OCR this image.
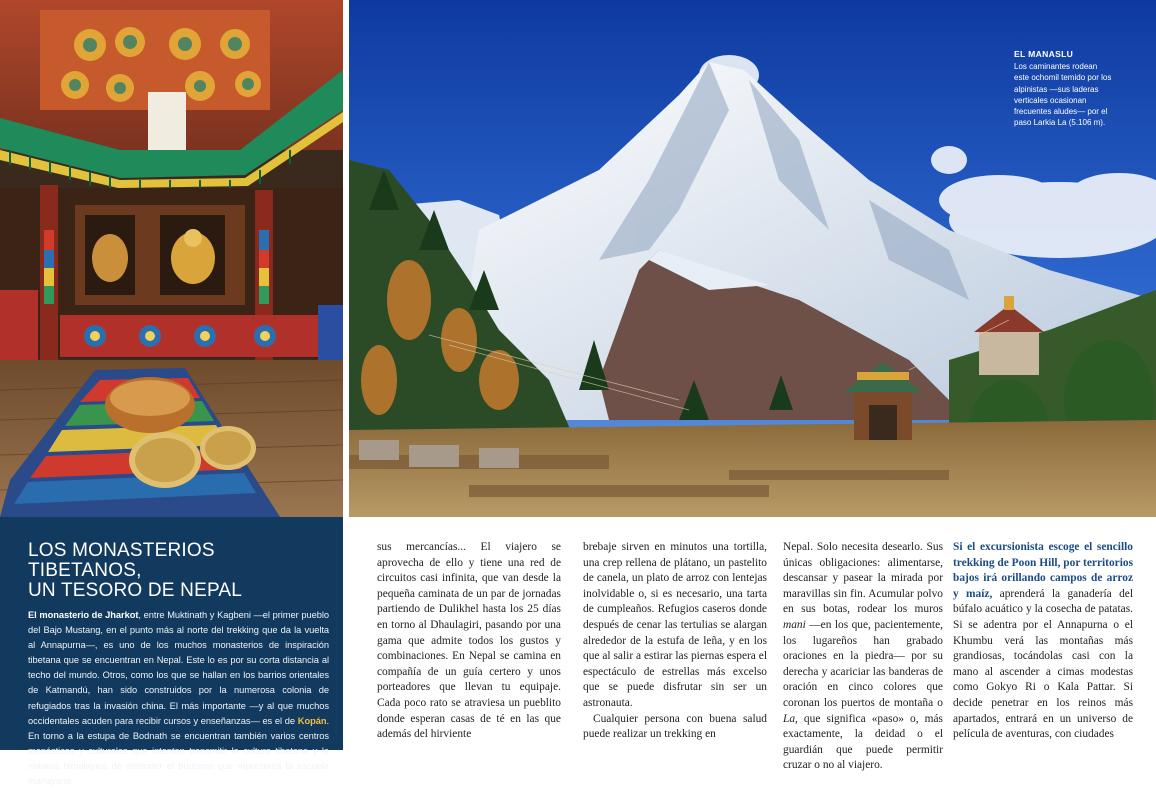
LOS MONASTERIOS TIBETANOS,
UN TESORO DE NEPAL

El monasterio de Jharkot, entre Muktinath y Kagbeni —el primer pueblo del Bajo Mustang, en el punto más al norte del trekking que da la vuelta al Annapurna—, es uno de los muchos monasterios de inspiración tibetana que se encuentran en Nepal. Este lo es por su corta distancia al techo del mundo. Otros, como los que se hallan en los barrios orientales de Katmandú, han sido construidos por la numerosa colonia de refugiados tras la invasión china. El más importante —y al que muchos occidentales acuden para recibir cursos y enseñanzas— es el de Kopán. En torno a la estupa de Bodnath se encuentran también varios centros monásticos y culturales que intentan transmitir la cultura tibetana y la manera himalayica de entender el budismo que representa la escuela mahayana.

EL MANASLU
Los caminantes rodean este ochomil temido por los alpinistas —sus laderas verticales ocasionan frecuentes aludes— por el paso Larkia La (5.106 m).

sus mercancías... El viajero se aprovecha de ello y tiene una red de circuitos casi infinita, que van desde la pequeña caminata de un par de jornadas partiendo de Dulikhel hasta los 25 días en torno al Dhaulagiri, pasando por una gama que admite todos los gustos y combinaciones. En Nepal se camina en compañía de un guía certero y unos porteadores que llevan tu equipaje. Cada poco rato se atraviesa un pueblito donde esperan casas de té en las que además del hirviente

brebaje sirven en minutos una tortilla, una crep rellena de plátano, un pastelito de canela, un plato de arroz con lentejas inolvidable o, si es necesario, una tarta de cumpleaños. Refugios caseros donde después de cenar las tertulias se alargan alrededor de la estufa de leña, y en los que al salir a estirar las piernas espera el espectáculo de estrellas más excelso que se puede disfrutar sin ser un astronauta.

Cualquier persona con buena salud puede realizar un trekking en

Nepal. Solo necesita desearlo. Sus únicas obligaciones: alimentarse, descansar y pasear la mirada por maravillas sin fin. Acumular polvo en sus botas, rodear los muros mani —en los que, pacientemente, los lugareños han grabado oraciones en la piedra— por su derecha y acariciar las banderas de oración en cinco colores que coronan los puertos de montaña o La, que significa «paso» o, más exactamente, la deidad o el guardián que puede permitir cruzar o no al viajero.

Si el excursionista escoge el sencillo trekking de Poon Hill, por territorios bajos irá orillando campos de arroz y maíz, aprenderá la ganadería del búfalo acuático y la cosecha de patatas. Si se adentra por el Annapurna o el Khumbu verá las montañas más grandiosas, tocándolas casi con la mano al ascender a cimas modestas como Gokyo Ri o Kala Pattar. Si decide penetrar en los reinos más apartados, entrará en un universo de película de aventuras, con ciudades
